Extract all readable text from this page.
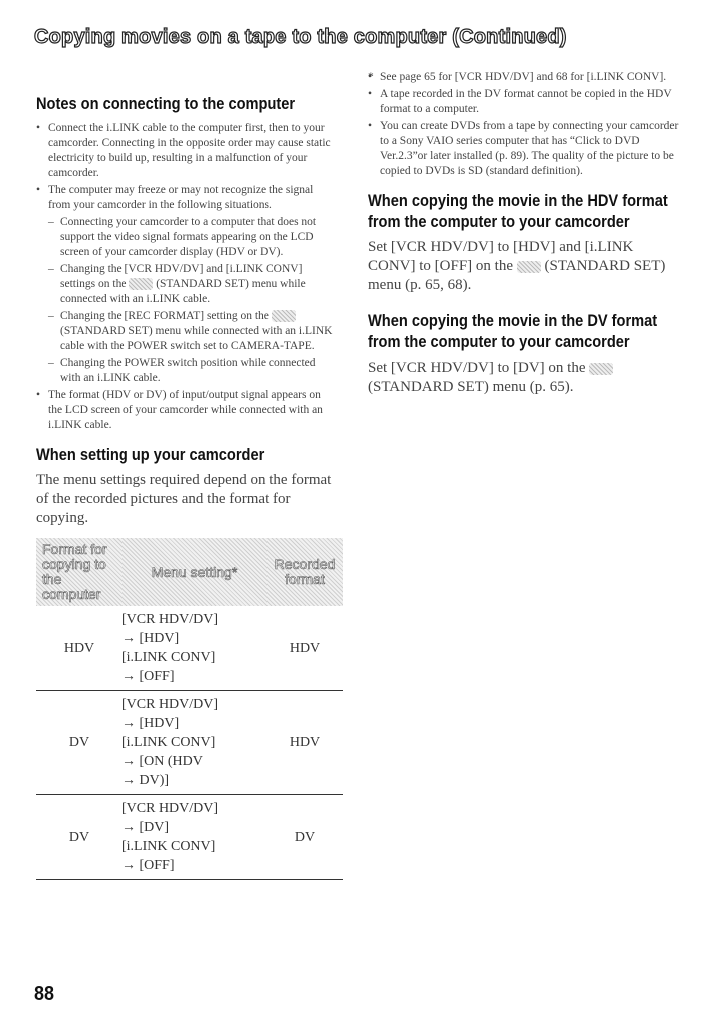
Copying movies on a tape to the computer (Continued)
Notes on connecting to the computer
• Connect the i.LINK cable to the computer first, then to your camcorder. Connecting in the opposite order may cause static electricity to build up, resulting in a malfunction of your camcorder.
• The computer may freeze or may not recognize the signal from your camcorder in the following situations.
– Connecting your camcorder to a computer that does not support the video signal formats appearing on the LCD screen of your camcorder display (HDV or DV).
– Changing the [VCR HDV/DV] and [i.LINK CONV] settings on the  (STANDARD SET) menu while connected with an i.LINK cable.
– Changing the [REC FORMAT] setting on the  (STANDARD SET) menu while connected with an i.LINK cable with the POWER switch set to CAMERA-TAPE.
– Changing the POWER switch position while connected with an i.LINK cable.
• The format (HDV or DV) of input/output signal appears on the LCD screen of your camcorder while connected with an i.LINK cable.
When setting up your camcorder

The menu settings required depend on the format of the recorded pictures and the format for copying.

Format for copying to the computer	Menu setting*	Recorded format
HDV	[VCR HDV/DV]
→ [HDV]
[i.LINK CONV]
→ [OFF]	HDV
DV	[VCR HDV/DV]
→ [HDV]
[i.LINK CONV]
→ [ON (HDV
→ DV)]	HDV
DV	[VCR HDV/DV]
→ [DV]
[i.LINK CONV]
→ [OFF]	DV
• * See page 65 for [VCR HDV/DV] and 68 for [i.LINK CONV].
• A tape recorded in the DV format cannot be copied in the HDV format to a computer.
• You can create DVDs from a tape by connecting your camcorder to a Sony VAIO series computer that has “Click to DVD Ver.2.3”or later installed (p. 89). The quality of the picture to be copied to DVDs is SD (standard definition).
When copying the movie in the HDV format from the computer to your camcorder

Set [VCR HDV/DV] to [HDV] and [i.LINK CONV] to [OFF] on the  (STANDARD SET) menu (p. 65, 68).

When copying the movie in the DV format from the computer to your camcorder

Set [VCR HDV/DV] to [DV] on the  (STANDARD SET) menu (p. 65).

88
